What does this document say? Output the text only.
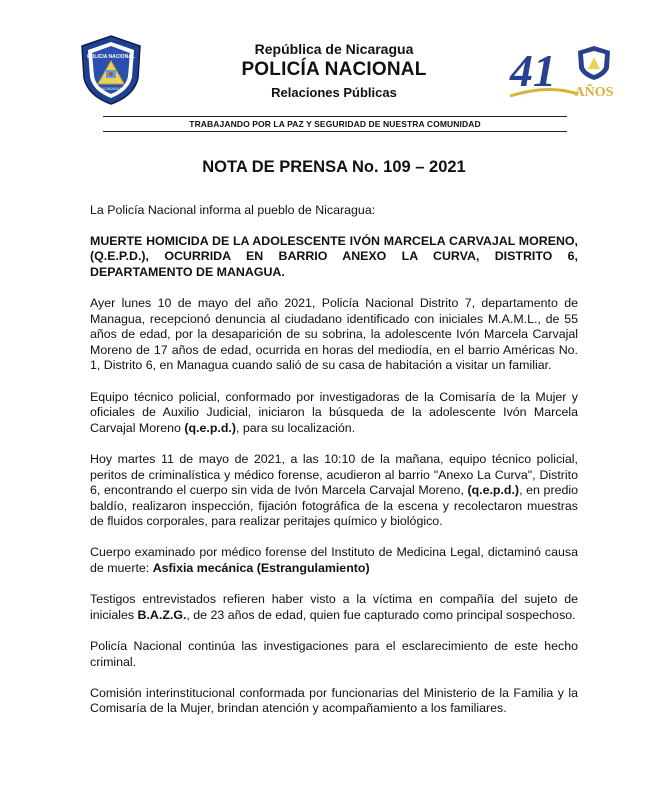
POLICIA NACIONAL
NICARAGUA
República de Nicaragua
POLICÍA NACIONAL
Relaciones Públicas	41 AÑOS
TRABAJANDO POR LA PAZ Y SEGURIDAD DE NUESTRA COMUNIDAD
NOTA DE PRENSA No. 109 – 2021

La Policía Nacional informa al pueblo de Nicaragua:

MUERTE HOMICIDA DE LA ADOLESCENTE IVÓN MARCELA CARVAJAL MORENO, (Q.E.P.D.), OCURRIDA EN BARRIO ANEXO LA CURVA, DISTRITO 6, DEPARTAMENTO DE MANAGUA.

Ayer lunes 10 de mayo del año 2021, Policía Nacional Distrito 7, departamento de Managua, recepcionó denuncia al ciudadano identificado con iniciales M.A.M.L., de 55 años de edad, por la desaparición de su sobrina, la adolescente Ivón Marcela Carvajal Moreno de 17 años de edad, ocurrida en horas del mediodía, en el barrio Américas No. 1, Distrito 6, en Managua cuando salió de su casa de habitación a visitar un familiar.

Equipo técnico policial, conformado por investigadoras de la Comisaría de la Mujer y oficiales de Auxilio Judicial, iniciaron la búsqueda de la adolescente Ivón Marcela Carvajal Moreno (q.e.p.d.), para su localización.

Hoy martes 11 de mayo de 2021, a las 10:10 de la mañana, equipo técnico policial, peritos de criminalística y médico forense, acudieron al barrio "Anexo La Curva", Distrito 6, encontrando el cuerpo sin vida de Ivón Marcela Carvajal Moreno, (q.e.p.d.), en predio baldío, realizaron inspección, fijación fotográfica de la escena y recolectaron muestras de fluidos corporales, para realizar peritajes químico y biológico.

Cuerpo examinado por médico forense del Instituto de Medicina Legal, dictaminó causa de muerte: Asfixia mecánica (Estrangulamiento)

Testigos entrevistados refieren haber visto a la víctima en compañía del sujeto de iniciales B.A.Z.G., de 23 años de edad, quien fue capturado como principal sospechoso.

Policía Nacional continúa las investigaciones para el esclarecimiento de este hecho criminal.

Comisión interinstitucional conformada por funcionarias del Ministerio de la Familia y la Comisaría de la Mujer, brindan atención y acompañamiento a los familiares.
